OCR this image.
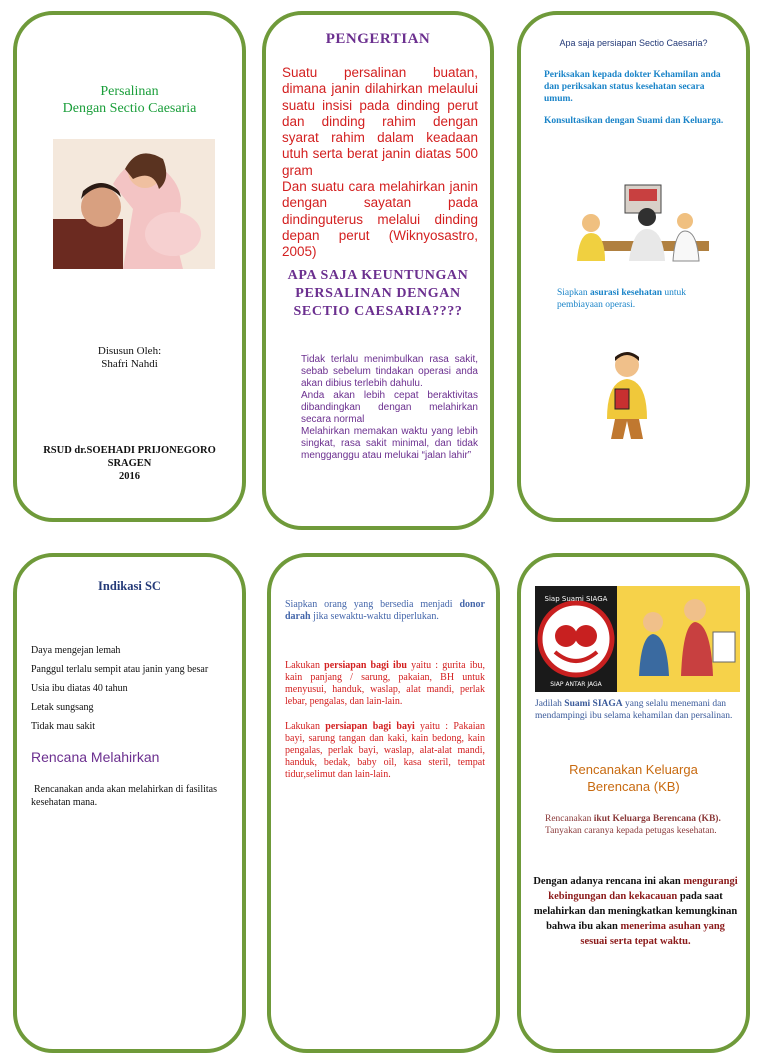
Persalinan
Dengan Sectio Caesaria
Disusun Oleh:
Shafri Nahdi
RSUD dr.SOEHADI PRIJONEGORO
SRAGEN
2016
PENGERTIAN
Suatu persalinan buatan, dimana janin dilahirkan melaului suatu insisi pada dinding perut dan dinding rahim dengan syarat rahim dalam keadaan utuh serta berat janin diatas 500 gram
Dan suatu cara melahirkan janin dengan sayatan pada dindinguterus melalui dinding depan perut (Wiknyosastro, 2005)
APA SAJA KEUNTUNGAN PERSALINAN DENGAN SECTIO CAESARIA????
Tidak terlalu menimbulkan rasa sakit, sebab sebelum tindakan operasi anda akan dibius terlebih dahulu.
Anda akan lebih cepat beraktivitas dibandingkan dengan melahirkan secara normal
Melahirkan memakan waktu yang lebih singkat, rasa sakit minimal, dan tidak mengganggu atau melukai “jalan lahir”
Apa saja persiapan Sectio Caesaria?
Periksakan kepada dokter Kehamilan anda dan periksakan status kesehatan secara umum.
Konsultasikan dengan Suami dan Keluarga.
Siapkan asurasi kesehatan untuk pembiayaan operasi.
Indikasi SC
Daya mengejan lemah
Panggul terlalu sempit atau janin yang besar
Usia ibu diatas 40 tahun
Letak sungsang
Tidak mau sakit
Rencana Melahirkan
Rencanakan anda akan melahirkan di fasilitas kesehatan mana.
Siapkan orang yang bersedia menjadi donor darah jika sewaktu-waktu diperlukan.
Lakukan persiapan bagi ibu yaitu : gurita ibu, kain panjang / sarung, pakaian, BH untuk menyusui, handuk, waslap, alat mandi, perlak lebar, pengalas, dan lain-lain.
Lakukan persiapan bagi bayi yaitu : Pakaian bayi, sarung tangan dan kaki, kain bedong, kain pengalas, perlak bayi, waslap, alat-alat mandi, handuk, bedak, baby oil, kasa steril, tempat tidur,selimut dan lain-lain.
Siap Suami SIAGA
SIAP ANTAR JAGA
Jadilah Suami SIAGA yang selalu menemani dan mendampingi ibu selama kehamilan dan persalinan.
Rencanakan Keluarga
Berencana (KB)
Rencanakan ikut Keluarga Berencana (KB). Tanyakan caranya kepada petugas kesehatan.
Dengan adanya rencana ini akan mengurangi kebingungan dan kekacauan pada saat melahirkan dan meningkatkan kemungkinan bahwa ibu akan menerima asuhan yang sesuai serta tepat waktu.
